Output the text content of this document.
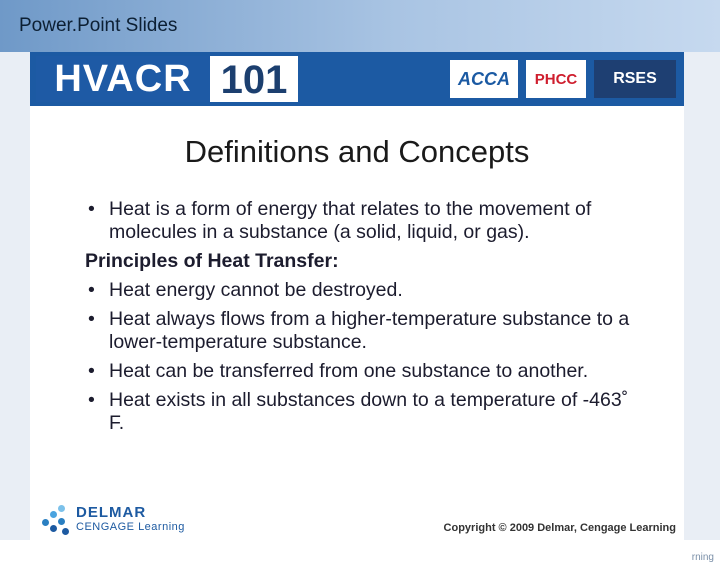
Power.Point Slides
rning
HVACR 101	ACCA PHCC RSES
Definitions and Concepts
• Heat is a form of energy that relates to the movement of molecules in a substance (a solid, liquid, or gas).
Principles of Heat Transfer:
• Heat energy cannot be destroyed.
• Heat always flows from a higher-temperature substance to a lower-temperature substance.
• Heat can be transferred from one substance to another.
• Heat exists in all substances down to a temperature of -463˚ F.
DELMAR
CENGAGE Learning	Copyright © 2009 Delmar, Cengage Learning
